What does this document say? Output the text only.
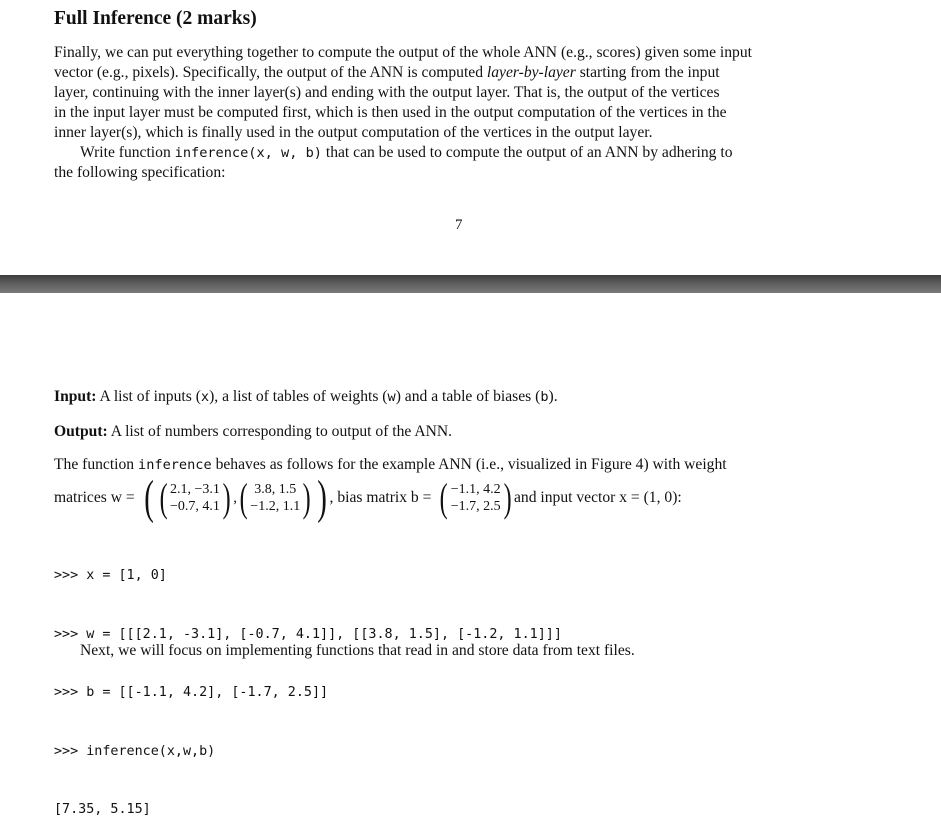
Full Inference (2 marks)
Finally, we can put everything together to compute the output of the whole ANN (e.g., scores) given some input
vector (e.g., pixels). Specifically, the output of the ANN is computed layer-by-layer starting from the input
layer, continuing with the inner layer(s) and ending with the output layer. That is, the output of the vertices
in the input layer must be computed first, which is then used in the output computation of the vertices in the
inner layer(s), which is finally used in the output computation of the vertices in the output layer.
Write function inference(x, w, b) that can be used to compute the output of an ANN by adhering to
the following specification:
7
Input: A list of inputs (x), a list of tables of weights (w) and a table of biases (b).
Output: A list of numbers corresponding to output of the ANN.
The function inference behaves as follows for the example ANN (i.e., visualized in Figure 4) with weight
matrices w = ( ( 2.1, −3.1
−0.7, 4.1 ) , ( 3.8, 1.5
−1.2, 1.1 ) ) , bias matrix b = ( −1.1, 4.2
−1.7, 2.5 ) and input vector x = (1, 0):

>>> x = [1, 0]

>>> w = [[[2.1, -3.1], [-0.7, 4.1]], [[3.8, 1.5], [-1.2, 1.1]]]

>>> b = [[-1.1, 4.2], [-1.7, 2.5]]

>>> inference(x,w,b)

[7.35, 5.15]

Next, we will focus on implementing functions that read in and store data from text files.
